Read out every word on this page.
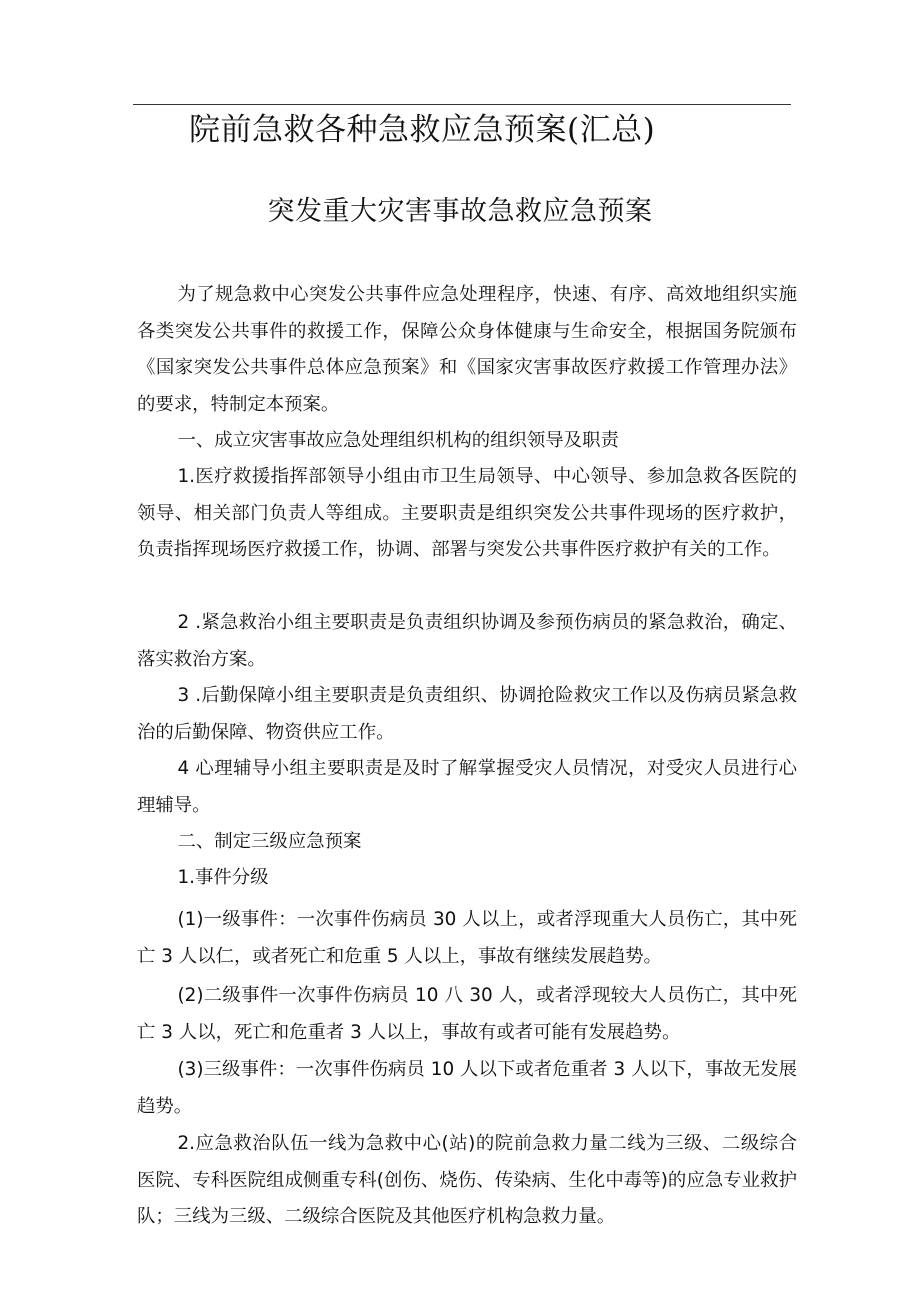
院前急救各种急救应急预案(汇总)
突发重大灾害事故急救应急预案

为了规急救中心突发公共事件应急处理程序，快速、有序、高效地组织实施各类突发公共事件的救援工作，保障公众身体健康与生命安全，根据国务院颁布《国家突发公共事件总体应急预案》和《国家灾害事故医疗救援工作管理办法》的要求，特制定本预案。

一、成立灾害事故应急处理组织机构的组织领导及职责

1.医疗救援指挥部领导小组由市卫生局领导、中心领导、参加急救各医院的领导、相关部门负责人等组成。主要职责是组织突发公共事件现场的医疗救护，负责指挥现场医疗救援工作，协调、部署与突发公共事件医疗救护有关的工作。

2 .紧急救治小组主要职责是负责组织协调及参预伤病员的紧急救治，确定、落实救治方案。

3 .后勤保障小组主要职责是负责组织、协调抢险救灾工作以及伤病员紧急救治的后勤保障、物资供应工作。

4 心理辅导小组主要职责是及时了解掌握受灾人员情况，对受灾人员进行心理辅导。

二、制定三级应急预案

1.事件分级

(1)一级事件：一次事件伤病员 30 人以上，或者浮现重大人员伤亡，其中死亡 3 人以仁，或者死亡和危重 5 人以上，事故有继续发展趋势。

(2)二级事件一次事件伤病员 10 八 30 人，或者浮现较大人员伤亡，其中死亡 3 人以，死亡和危重者 3 人以上，事故有或者可能有发展趋势。

(3)三级事件：一次事件伤病员 10 人以下或者危重者 3 人以下，事故无发展趋势。

2.应急救治队伍一线为急救中心(站)的院前急救力量二线为三级、二级综合医院、专科医院组成侧重专科(创伤、烧伤、传染病、生化中毒等)的应急专业救护队；三线为三级、二级综合医院及其他医疗机构急救力量。
